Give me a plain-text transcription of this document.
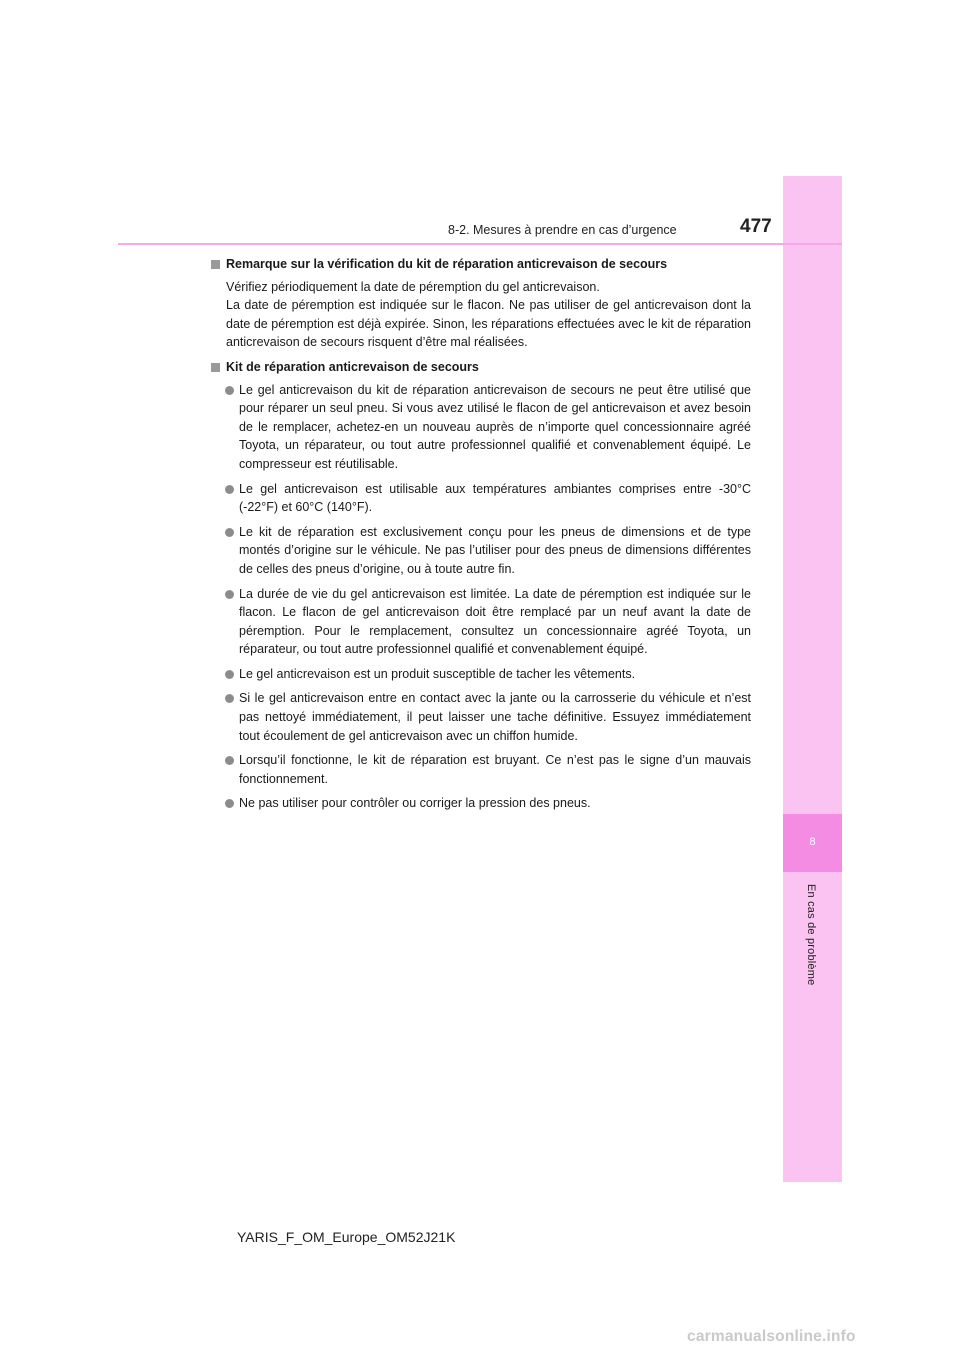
8
En cas de problème
8-2. Mesures à prendre en cas d’urgence	477
Remarque sur la vérification du kit de réparation anticrevaison de secours
Vérifiez périodiquement la date de péremption du gel anticrevaison.
La date de péremption est indiquée sur le flacon. Ne pas utiliser de gel anticrevaison dont la date de péremption est déjà expirée. Sinon, les réparations effectuées avec le kit de réparation anticrevaison de secours risquent d’être mal réalisées.
Kit de réparation anticrevaison de secours
Le gel anticrevaison du kit de réparation anticrevaison de secours ne peut être utilisé que pour réparer un seul pneu. Si vous avez utilisé le flacon de gel anticrevaison et avez besoin de le remplacer, achetez-en un nouveau auprès de n’importe quel concessionnaire agréé Toyota, un réparateur, ou tout autre professionnel qualifié et convenablement équipé. Le compresseur est réutilisable.
Le gel anticrevaison est utilisable aux températures ambiantes comprises entre -30°C (-22°F) et 60°C (140°F).
Le kit de réparation est exclusivement conçu pour les pneus de dimensions et de type montés d’origine sur le véhicule. Ne pas l’utiliser pour des pneus de dimensions différentes de celles des pneus d’origine, ou à toute autre fin.
La durée de vie du gel anticrevaison est limitée. La date de péremption est indiquée sur le flacon. Le flacon de gel anticrevaison doit être remplacé par un neuf avant la date de péremption. Pour le remplacement, consultez un concessionnaire agréé Toyota, un réparateur, ou tout autre professionnel qualifié et convenablement équipé.
Le gel anticrevaison est un produit susceptible de tacher les vêtements.
Si le gel anticrevaison entre en contact avec la jante ou la carrosserie du véhicule et n’est pas nettoyé immédiatement, il peut laisser une tache définitive. Essuyez immédiatement tout écoulement de gel anticrevaison avec un chiffon humide.
Lorsqu’il fonctionne, le kit de réparation est bruyant. Ce n’est pas le signe d’un mauvais fonctionnement.
Ne pas utiliser pour contrôler ou corriger la pression des pneus.
YARIS_F_OM_Europe_OM52J21K
carmanualsonline.info
